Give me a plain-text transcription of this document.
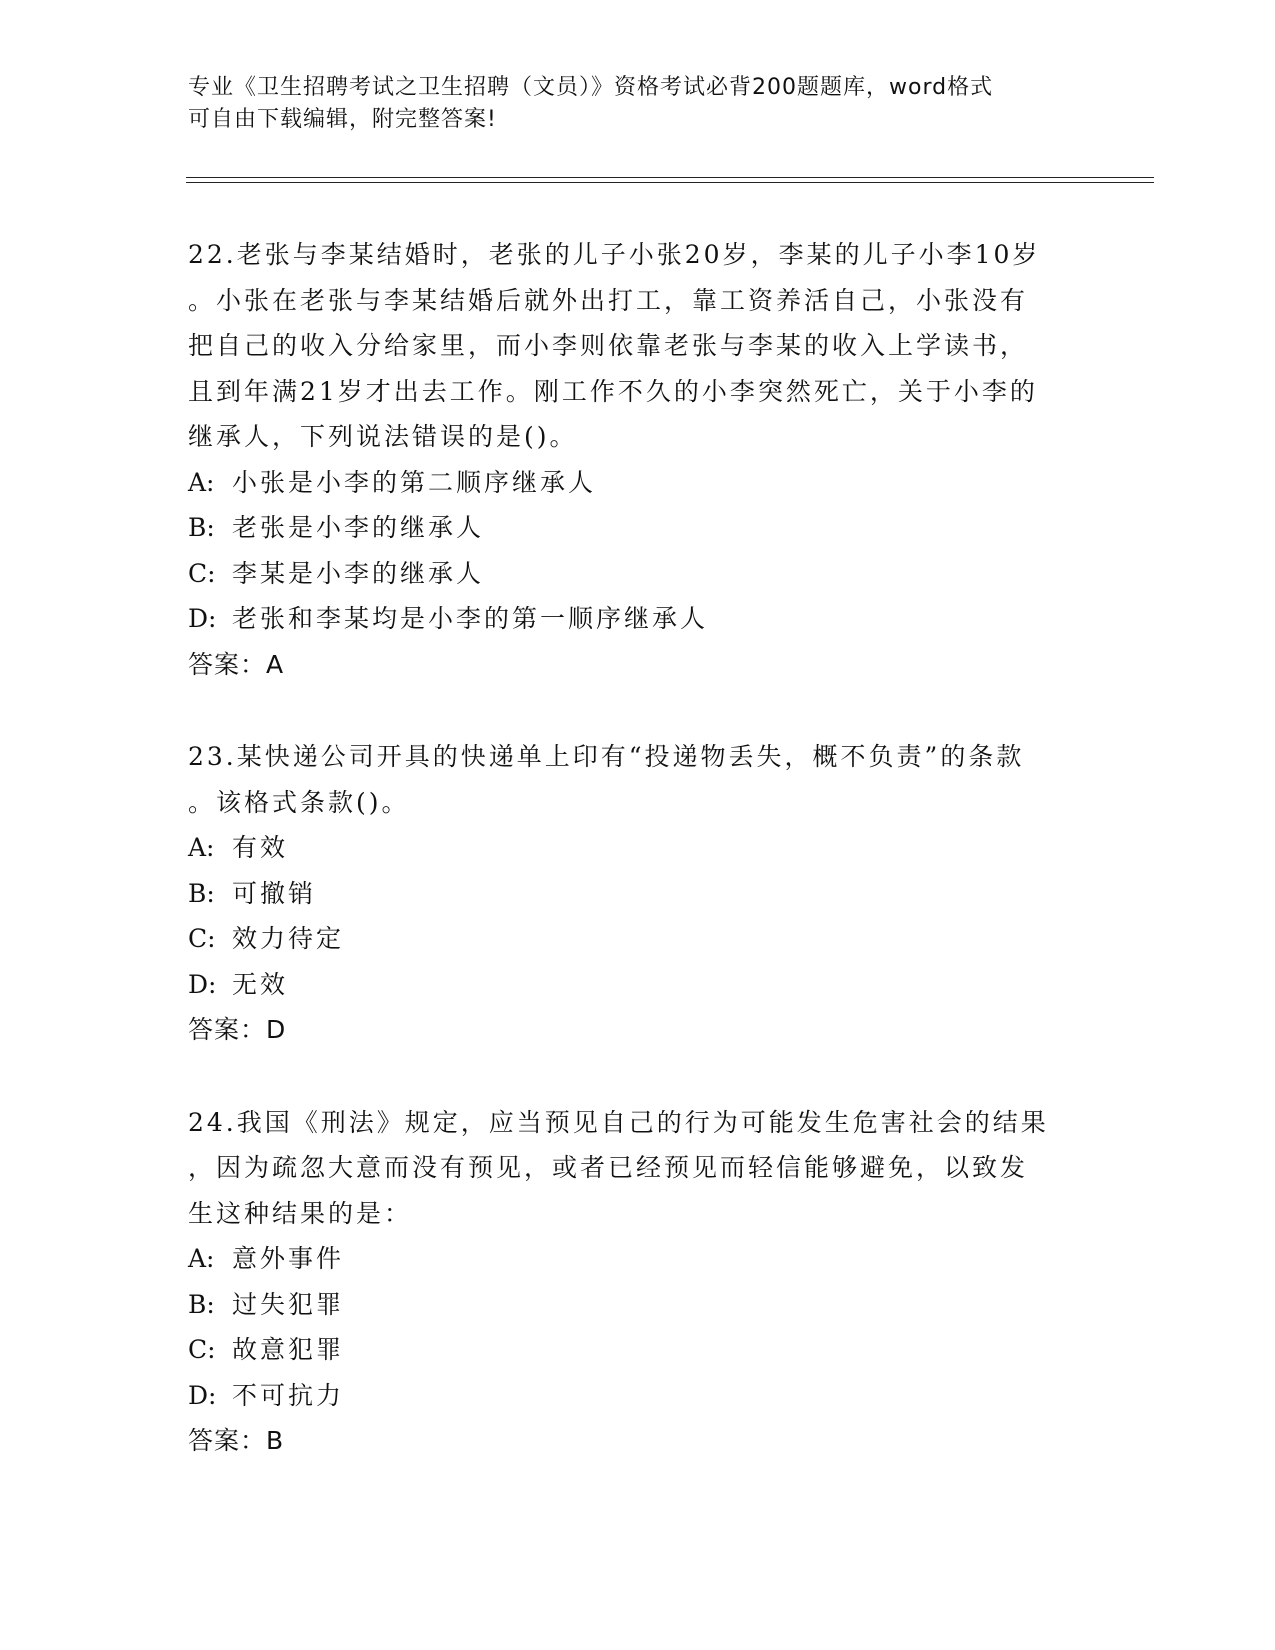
专业《卫生招聘考试之卫生招聘（文员）》资格考试必背200题题库，word格式
可自由下载编辑，附完整答案!

22.老张与李某结婚时，老张的儿子小张20岁，李某的儿子小李10岁
。小张在老张与李某结婚后就外出打工，靠工资养活自己，小张没有
把自己的收入分给家里，而小李则依靠老张与李某的收入上学读书，
且到年满21岁才出去工作。刚工作不久的小李突然死亡，关于小李的
继承人，下列说法错误的是()。

A: 小张是小李的第二顺序继承人
B: 老张是小李的继承人
C: 李某是小李的继承人
D: 老张和李某均是小李的第一顺序继承人
答案：A

23.某快递公司开具的快递单上印有“投递物丢失，概不负责”的条款
。该格式条款()。

A: 有效
B: 可撤销
C: 效力待定
D: 无效
答案：D

24.我国《刑法》规定，应当预见自己的行为可能发生危害社会的结果
，因为疏忽大意而没有预见，或者已经预见而轻信能够避免，以致发
生这种结果的是：

A: 意外事件
B: 过失犯罪
C: 故意犯罪
D: 不可抗力
答案：B
